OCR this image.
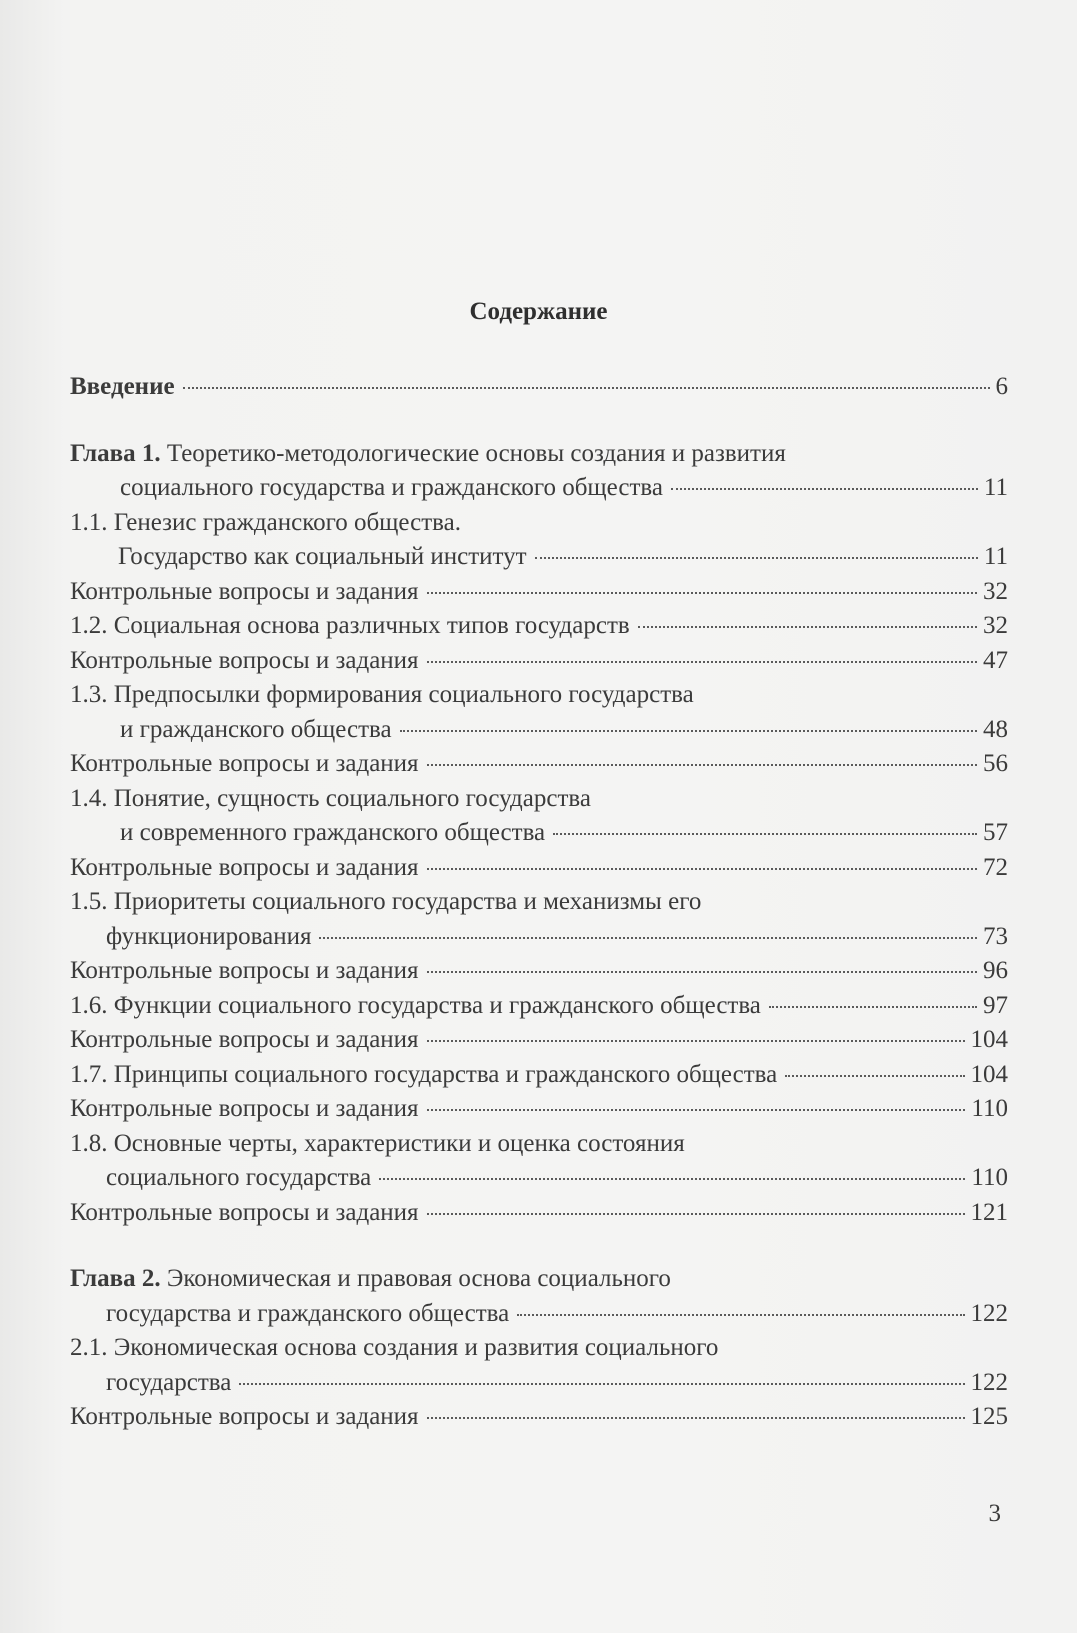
Содержание
Введение	6
Глава 1. Теоретико-методологические основы создания и развития
социального государства и гражданского общества	11
1.1. Генезис гражданского общества.
Государство как социальный институт	11
Контрольные вопросы и задания	32
1.2. Социальная основа различных типов государств	32
Контрольные вопросы и задания	47
1.3. Предпосылки формирования социального государства
и гражданского общества	48
Контрольные вопросы и задания	56
1.4. Понятие, сущность социального государства
и современного гражданского общества	57
Контрольные вопросы и задания	72
1.5. Приоритеты социального государства и механизмы его
функционирования	73
Контрольные вопросы и задания	96
1.6. Функции социального государства и гражданского общества	97
Контрольные вопросы и задания	104
1.7. Принципы социального государства и гражданского общества	104
Контрольные вопросы и задания	110
1.8. Основные черты, характеристики и оценка состояния
социального государства	110
Контрольные вопросы и задания	121
Глава 2. Экономическая и правовая основа социального
государства и гражданского общества	122
2.1. Экономическая основа создания и развития социального
государства	122
Контрольные вопросы и задания	125
3
